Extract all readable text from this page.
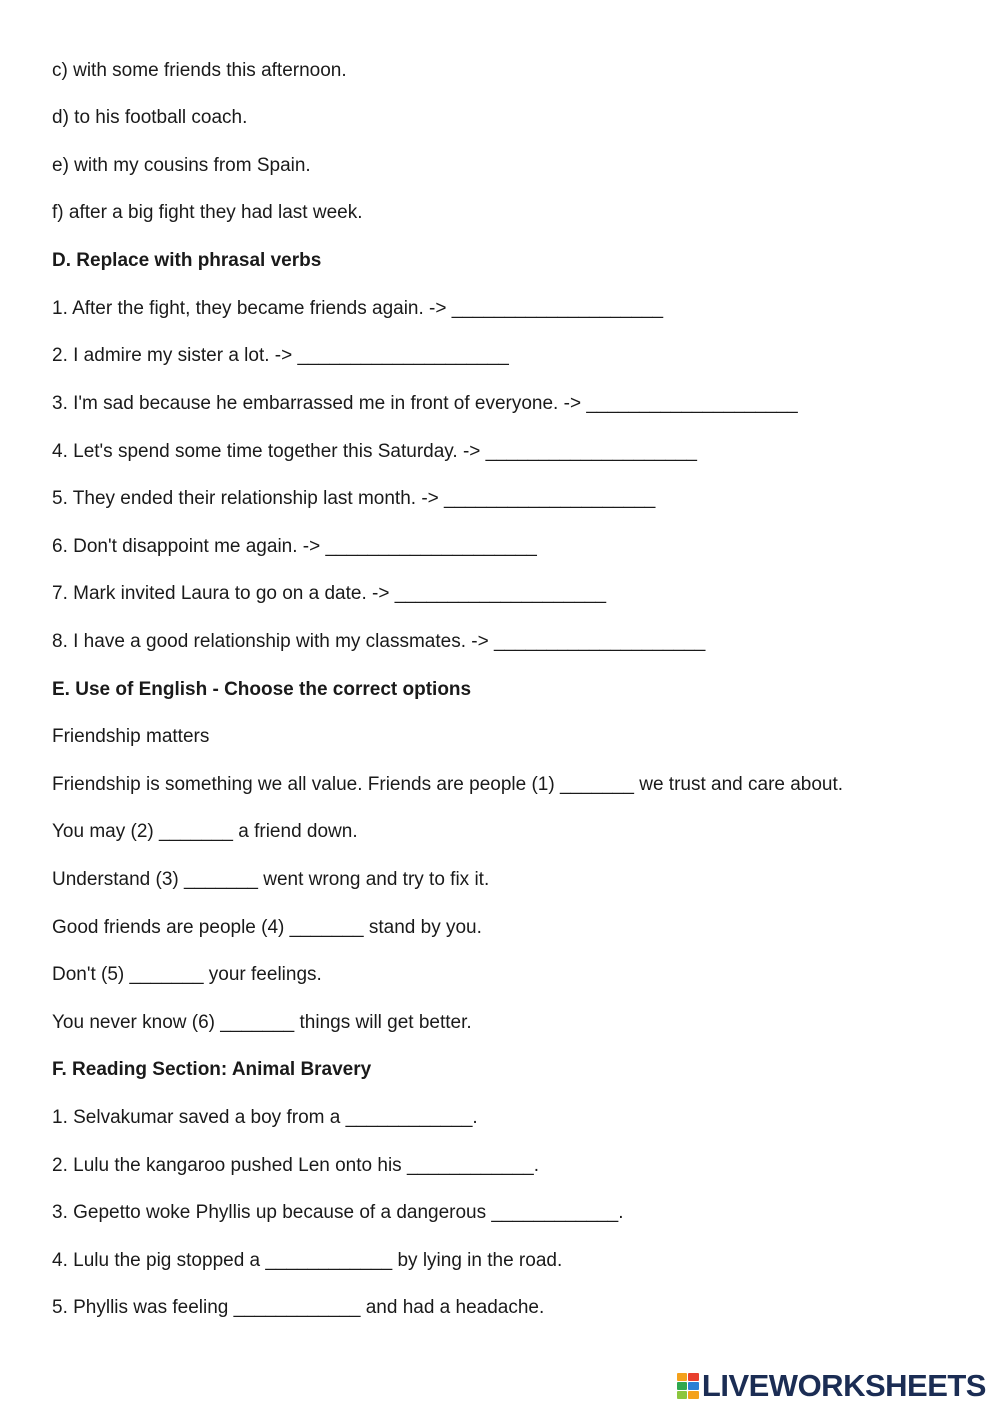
c) with some friends this afternoon.
d) to his football coach.
e) with my cousins from Spain.
f) after a big fight they had last week.
D. Replace with phrasal verbs
1. After the fight, they became friends again. -> ____________________
2. I admire my sister a lot. -> ____________________
3. I'm sad because he embarrassed me in front of everyone. -> ____________________
4. Let's spend some time together this Saturday. -> ____________________
5. They ended their relationship last month. -> ____________________
6. Don't disappoint me again. -> ____________________
7. Mark invited Laura to go on a date. -> ____________________
8. I have a good relationship with my classmates. -> ____________________
E. Use of English - Choose the correct options
Friendship matters
Friendship is something we all value. Friends are people (1) _______ we trust and care about.
You may (2) _______ a friend down.
Understand (3) _______ went wrong and try to fix it.
Good friends are people (4) _______ stand by you.
Don't (5) _______ your feelings.
You never know (6) _______ things will get better.
F. Reading Section: Animal Bravery
1. Selvakumar saved a boy from a ____________.
2. Lulu the kangaroo pushed Len onto his ____________.
3. Gepetto woke Phyllis up because of a dangerous ____________.
4. Lulu the pig stopped a ____________ by lying in the road.
5. Phyllis was feeling ____________ and had a headache.
LIVEWORKSHEETS
